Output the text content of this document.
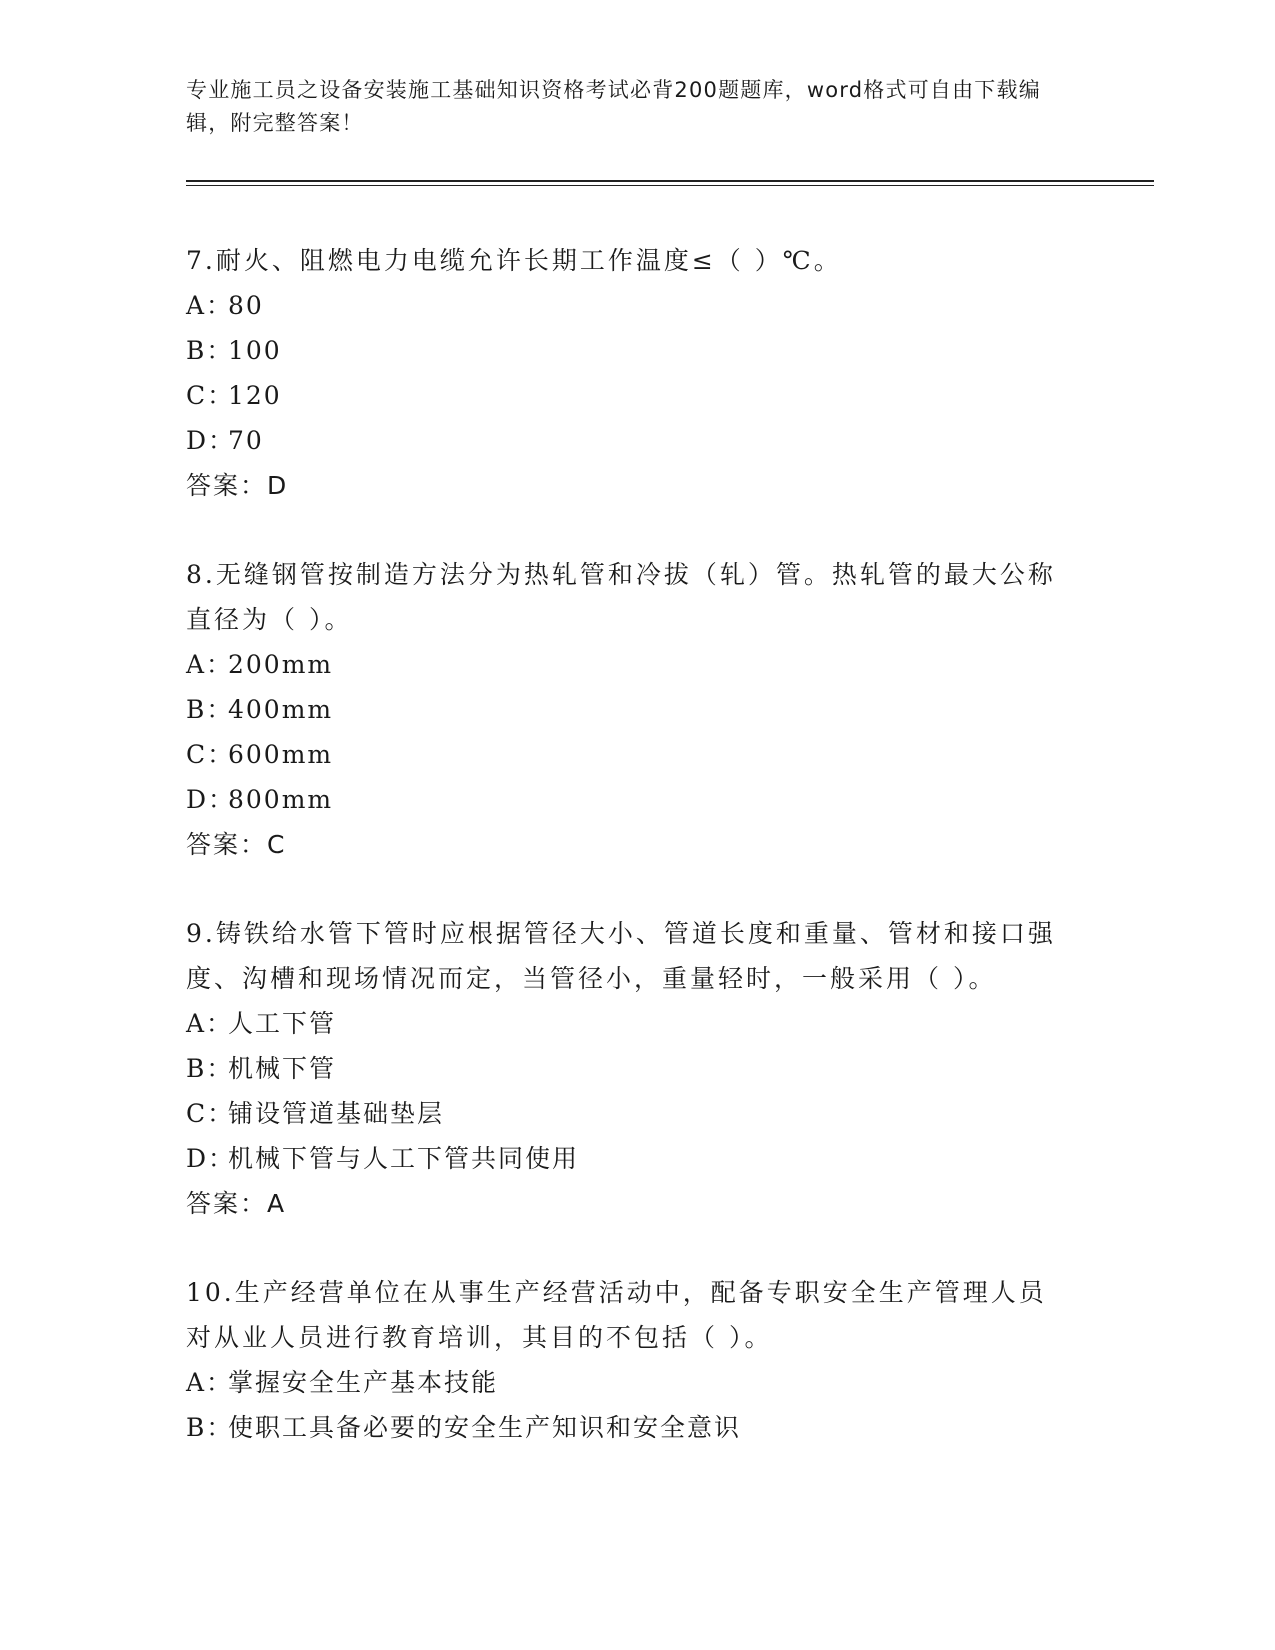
专业施工员之设备安装施工基础知识资格考试必背200题题库，word格式可自由下载编辑，附完整答案！
7.耐火、阻燃电力电缆允许长期工作温度≤（ ）℃。
A：80
B：100
C：120
D：70
答案：D
8.无缝钢管按制造方法分为热轧管和冷拔（轧）管。热轧管的最大公称直径为（ ）。
A：200mm
B：400mm
C：600mm
D：800mm
答案：C
9.铸铁给水管下管时应根据管径大小、管道长度和重量、管材和接口强度、沟槽和现场情况而定，当管径小，重量轻时，一般采用（ ）。
A：人工下管
B：机械下管
C：铺设管道基础垫层
D：机械下管与人工下管共同使用
答案：A
10.生产经营单位在从事生产经营活动中，配备专职安全生产管理人员对从业人员进行教育培训，其目的不包括（ ）。
A：掌握安全生产基本技能
B：使职工具备必要的安全生产知识和安全意识
